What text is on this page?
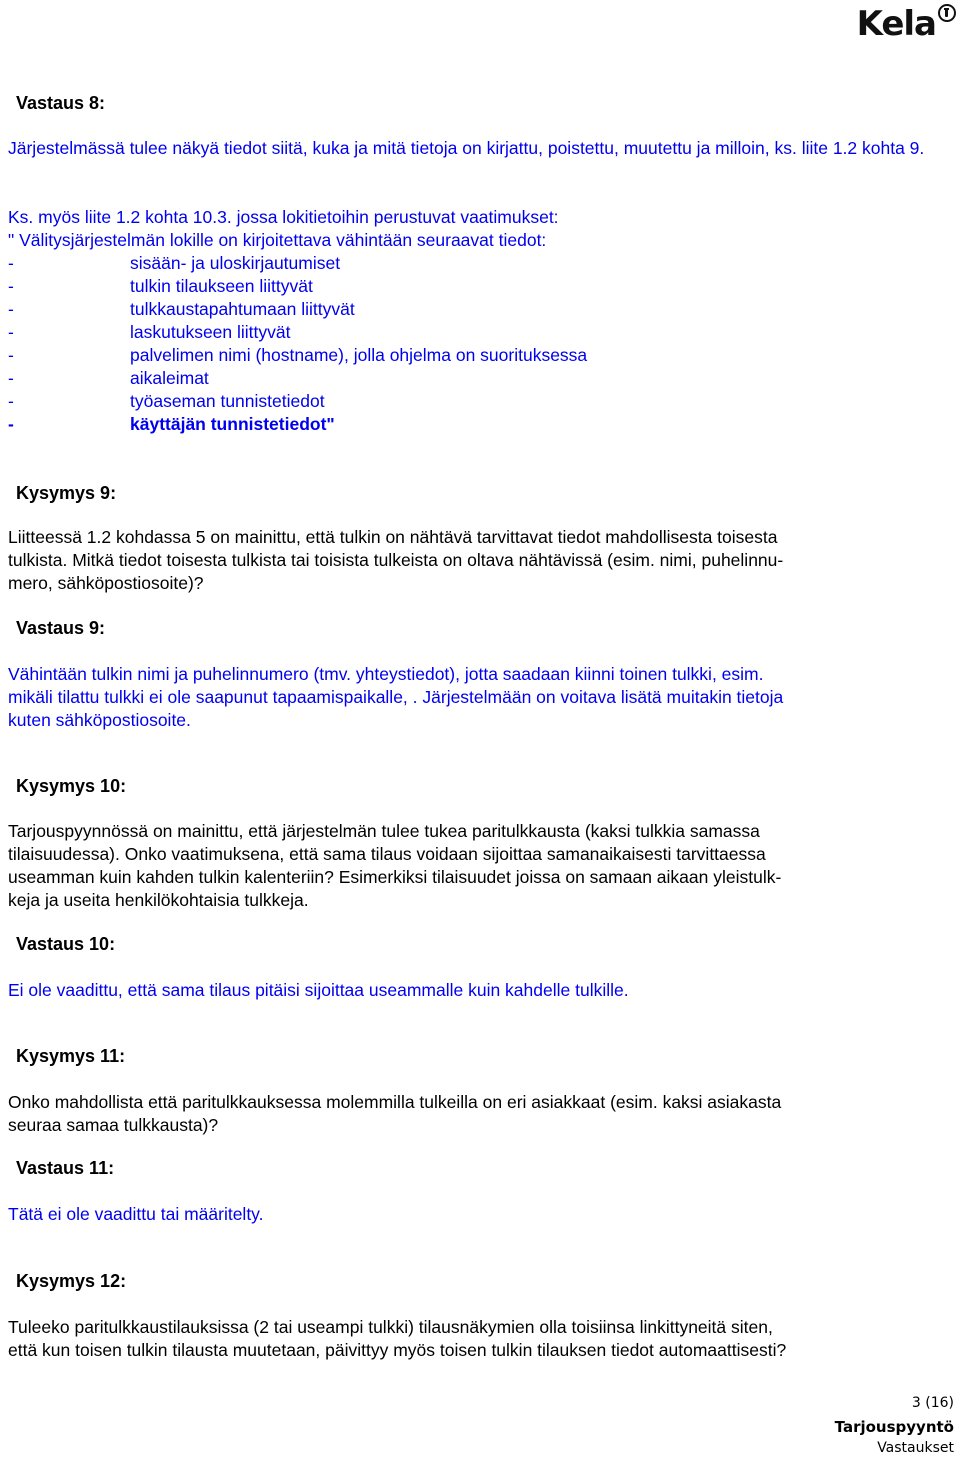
Kela
Vastaus 8:
Järjestelmässä tulee näkyä tiedot siitä, kuka ja mitä tietoja on kirjattu, poistettu, muutettu ja milloin, ks. liite 1.2 kohta 9.
Ks. myös liite 1.2 kohta 10.3. jossa lokitietoihin perustuvat vaatimukset:
" Välitysjärjestelmän lokille on kirjoitettava vähintään seuraavat tiedot:
-	sisään- ja uloskirjautumiset
-	tulkin tilaukseen liittyvät
-	tulkkaustapahtumaan liittyvät
-	laskutukseen liittyvät
-	palvelimen nimi (hostname), jolla ohjelma on suorituksessa
-	aikaleimat
-	työaseman tunnistetiedot
-	käyttäjän tunnistetiedot"
Kysymys 9:
Liitteessä 1.2 kohdassa 5 on mainittu, että tulkin on nähtävä tarvittavat tiedot mahdollisesta toisesta
tulkista. Mitkä tiedot toisesta tulkista tai toisista tulkeista on oltava nähtävissä (esim. nimi, puhelinnu-
mero, sähköpostiosoite)?
Vastaus 9:
Vähintään tulkin nimi ja puhelinnumero (tmv. yhteystiedot), jotta saadaan kiinni toinen tulkki, esim.
mikäli tilattu tulkki ei ole saapunut tapaamispaikalle, . Järjestelmään on voitava lisätä muitakin tietoja
kuten sähköpostiosoite.
Kysymys 10:
Tarjouspyynnössä on mainittu, että järjestelmän tulee tukea paritulkkausta (kaksi tulkkia samassa
tilaisuudessa). Onko vaatimuksena, että sama tilaus voidaan sijoittaa samanaikaisesti tarvittaessa
useamman kuin kahden tulkin kalenteriin? Esimerkiksi tilaisuudet joissa on samaan aikaan yleistulk-
keja ja useita henkilökohtaisia tulkkeja.
Vastaus 10:
Ei ole vaadittu, että sama tilaus pitäisi sijoittaa useammalle kuin kahdelle tulkille.
Kysymys 11:
Onko mahdollista että paritulkkauksessa molemmilla tulkeilla on eri asiakkaat (esim. kaksi asiakasta
seuraa samaa tulkkausta)?
Vastaus 11:
Tätä ei ole vaadittu tai määritelty.
Kysymys 12:
Tuleeko paritulkkaustilauksissa (2 tai useampi tulkki) tilausnäkymien olla toisiinsa linkittyneitä siten,
että kun toisen tulkin tilausta muutetaan, päivittyy myös toisen tulkin tilauksen tiedot automaattisesti?
3 (16)
Tarjouspyyntö
Vastaukset
